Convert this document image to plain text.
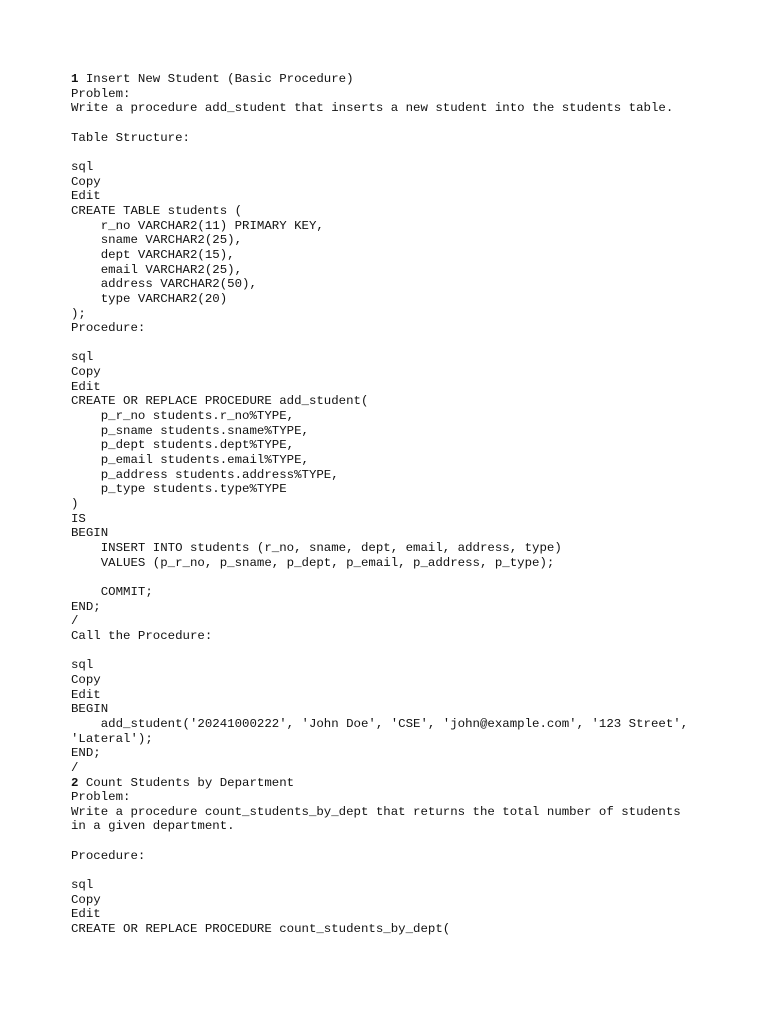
1 Insert New Student (Basic Procedure)
Problem:
Write a procedure add_student that inserts a new student into the students table.
Table Structure:
sql
Copy
Edit
CREATE TABLE students (
r_no VARCHAR2(11) PRIMARY KEY,
sname VARCHAR2(25),
dept VARCHAR2(15),
email VARCHAR2(25),
address VARCHAR2(50),
type VARCHAR2(20)
);
Procedure:
sql
Copy
Edit
CREATE OR REPLACE PROCEDURE add_student(
p_r_no students.r_no%TYPE,
p_sname students.sname%TYPE,
p_dept students.dept%TYPE,
p_email students.email%TYPE,
p_address students.address%TYPE,
p_type students.type%TYPE
)
IS
BEGIN
INSERT INTO students (r_no, sname, dept, email, address, type)
VALUES (p_r_no, p_sname, p_dept, p_email, p_address, p_type);
COMMIT;
END;
/
Call the Procedure:
sql
Copy
Edit
BEGIN
add_student('20241000222', 'John Doe', 'CSE', 'john@example.com', '123 Street',
'Lateral');
END;
/
2 Count Students by Department
Problem:
Write a procedure count_students_by_dept that returns the total number of students
in a given department.
Procedure:
sql
Copy
Edit
CREATE OR REPLACE PROCEDURE count_students_by_dept(
